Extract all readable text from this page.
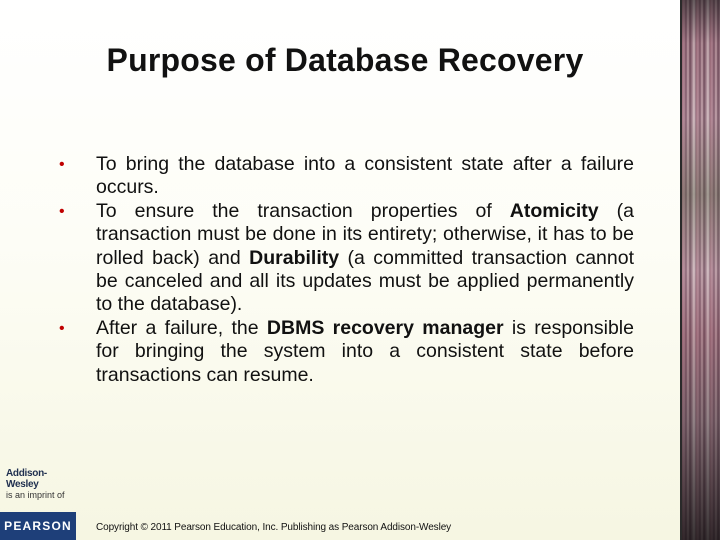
Purpose of Database Recovery
• To bring the database into a consistent state after a failure occurs.
• To ensure the transaction properties of Atomicity (a transaction must be done in its entirety; otherwise, it has to be rolled back) and Durability (a committed transaction cannot be canceled and all its updates must be applied permanently to the database).
• After a failure, the DBMS recovery manager is responsible for bringing the system into a consistent state before transactions can resume.
Addison-Wesley
is an imprint of
PEARSON	Copyright © 2011 Pearson Education, Inc. Publishing as Pearson Addison-Wesley
